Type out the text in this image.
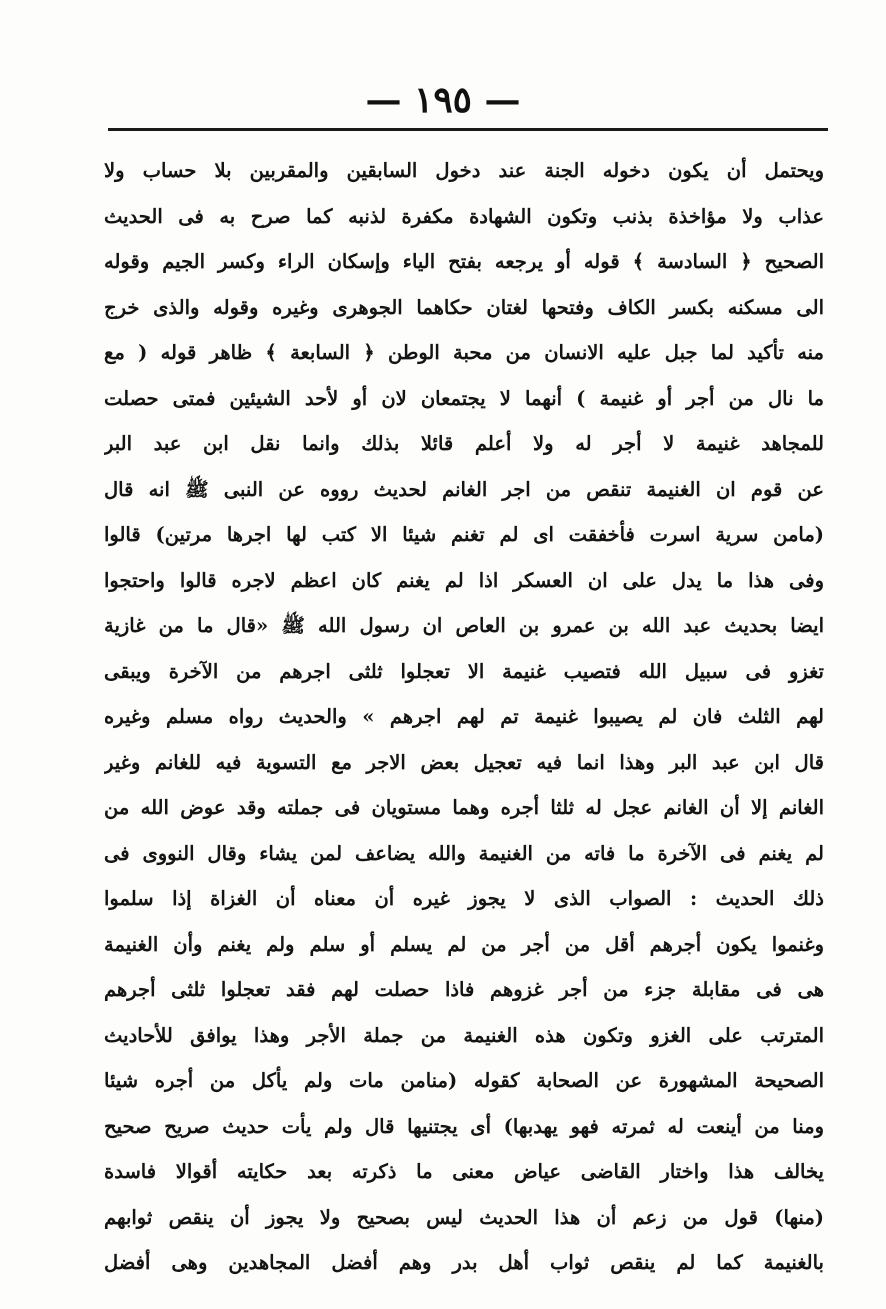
— ١٩٥ —
ويحتمل أن يكون دخوله الجنة عند دخول السابقين والمقربين بلا حساب ولا
عذاب ولا مؤاخذة بذنب وتكون الشهادة مكفرة لذنبه كما صرح به فى الحديث
الصحيح ﴿ السادسة ﴾ قوله أو يرجعه بفتح الياء وإسكان الراء وكسر الجيم وقوله
الى مسكنه بكسر الكاف وفتحها لغتان حكاهما الجوهرى وغيره وقوله والذى خرج
منه تأكيد لما جبل عليه الانسان من محبة الوطن ﴿ السابعة ﴾ ظاهر قوله ( مع
ما نال من أجر أو غنيمة ) أنهما لا يجتمعان لان أو لأحد الشيئين فمتى حصلت
للمجاهد غنيمة لا أجر له ولا أعلم قائلا بذلك وانما نقل ابن عبد البر
عن قوم ان الغنيمة تنقص من اجر الغانم لحديث رووه عن النبى ﷺ انه قال
(مامن سرية اسرت فأخفقت اى لم تغنم شيئا الا كتب لها اجرها مرتين) قالوا
وفى هذا ما يدل على ان العسكر اذا لم يغنم كان اعظم لاجره قالوا واحتجوا
ايضا بحديث عبد الله بن عمرو بن العاص ان رسول الله ﷺ «قال ما من غازية
تغزو فى سبيل الله فتصيب غنيمة الا تعجلوا ثلثى اجرهم من الآخرة ويبقى
لهم الثلث فان لم يصيبوا غنيمة تم لهم اجرهم » والحديث رواه مسلم وغيره
قال ابن عبد البر وهذا انما فيه تعجيل بعض الاجر مع التسوية فيه للغانم وغير
الغانم إلا أن الغانم عجل له ثلثا أجره وهما مستويان فى جملته وقد عوض الله من
لم يغنم فى الآخرة ما فاته من الغنيمة والله يضاعف لمن يشاء وقال النووى فى
ذلك الحديث : الصواب الذى لا يجوز غيره أن معناه أن الغزاة إذا سلموا
وغنموا يكون أجرهم أقل من أجر من لم يسلم أو سلم ولم يغنم وأن الغنيمة
هى فى مقابلة جزء من أجر غزوهم فاذا حصلت لهم فقد تعجلوا ثلثى أجرهم
المترتب على الغزو وتكون هذه الغنيمة من جملة الأجر وهذا يوافق للأحاديث
الصحيحة المشهورة عن الصحابة كقوله (منامن مات ولم يأكل من أجره شيئا
ومنا من أينعت له ثمرته فهو يهدبها) أى يجتنيها قال ولم يأت حديث صريح صحيح
يخالف هذا واختار القاضى عياض معنى ما ذكرته بعد حكايته أقوالا فاسدة
(منها) قول من زعم أن هذا الحديث ليس بصحيح ولا يجوز أن ينقص ثوابهم
بالغنيمة كما لم ينقص ثواب أهل بدر وهم أفضل المجاهدين وهى أفضل
